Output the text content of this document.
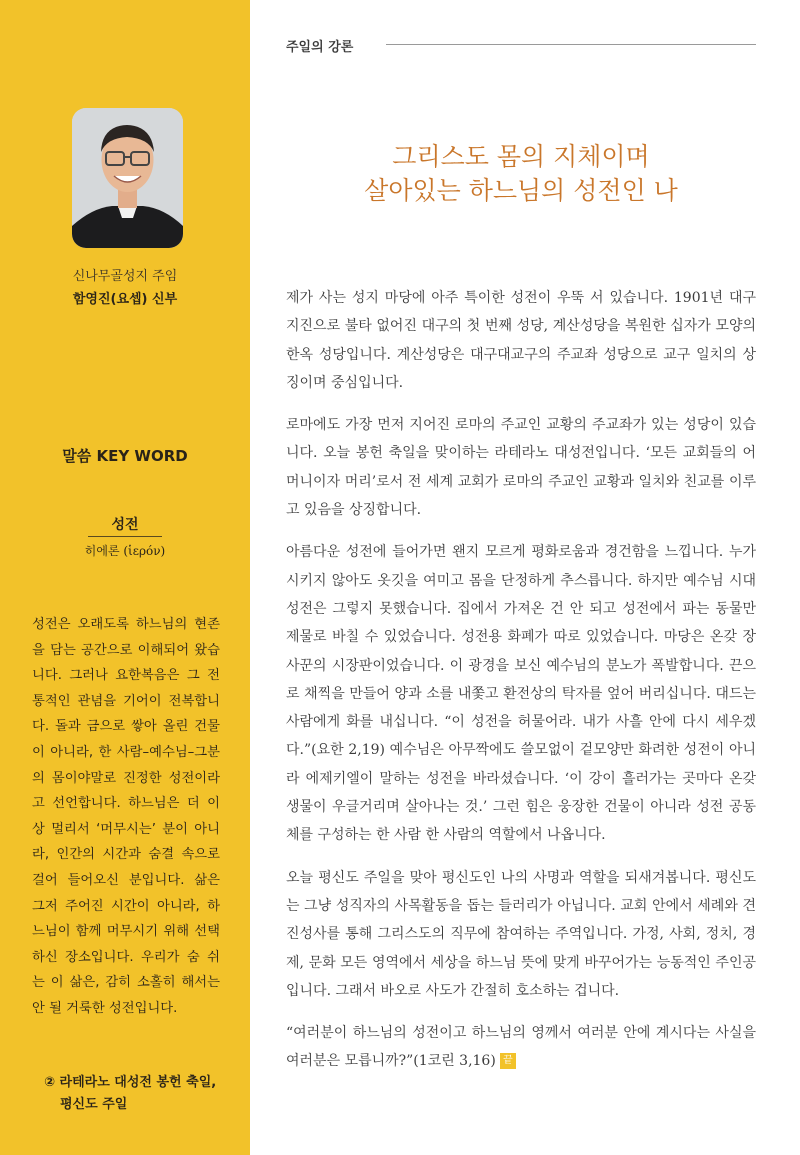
신나무골성지 주임
함영진(요셉) 신부
말씀 KEY WORD
성전
히에론 (ἱερόν)
성전은 오래도록 하느님의 현존을 담는 공간으로 이해되어 왔습니다. 그러나 요한복음은 그 전통적인 관념을 기어이 전복합니다. 돌과 금으로 쌓아 올린 건물이 아니라, 한 사람–예수님–그분의 몸이야말로 진정한 성전이라고 선언합니다. 하느님은 더 이상 멀리서 ‘머무시는’ 분이 아니라, 인간의 시간과 숨결 속으로 걸어 들어오신 분입니다. 삶은 그저 주어진 시간이 아니라, 하느님이 함께 머무시기 위해 선택하신 장소입니다. 우리가 숨 쉬는 이 삶은, 감히 소홀히 해서는 안 될 거룩한 성전입니다.
② 라테라노 대성전 봉헌 축일,
평신도 주일
주일의 강론
그리스도 몸의 지체이며
살아있는 하느님의 성전인 나

제가 사는 성지 마당에 아주 특이한 성전이 우뚝 서 있습니다. 1901년 대구 지진으로 불타 없어진 대구의 첫 번째 성당, 계산성당을 복원한 십자가 모양의 한옥 성당입니다. 계산성당은 대구대교구의 주교좌 성당으로 교구 일치의 상징이며 중심입니다.

로마에도 가장 먼저 지어진 로마의 주교인 교황의 주교좌가 있는 성당이 있습니다. 오늘 봉헌 축일을 맞이하는 라테라노 대성전입니다. ‘모든 교회들의 어머니이자 머리’로서 전 세계 교회가 로마의 주교인 교황과 일치와 친교를 이루고 있음을 상징합니다.

아름다운 성전에 들어가면 왠지 모르게 평화로움과 경건함을 느낍니다. 누가 시키지 않아도 옷깃을 여미고 몸을 단정하게 추스릅니다. 하지만 예수님 시대 성전은 그렇지 못했습니다. 집에서 가져온 건 안 되고 성전에서 파는 동물만 제물로 바칠 수 있었습니다. 성전용 화폐가 따로 있었습니다. 마당은 온갖 장사꾼의 시장판이었습니다. 이 광경을 보신 예수님의 분노가 폭발합니다. 끈으로 채찍을 만들어 양과 소를 내쫓고 환전상의 탁자를 엎어 버리십니다. 대드는 사람에게 화를 내십니다. “이 성전을 허물어라. 내가 사흘 안에 다시 세우겠다.”(요한 2,19) 예수님은 아무짝에도 쓸모없이 겉모양만 화려한 성전이 아니라 에제키엘이 말하는 성전을 바라셨습니다. ‘이 강이 흘러가는 곳마다 온갖 생물이 우글거리며 살아나는 것.’ 그런 힘은 웅장한 건물이 아니라 성전 공동체를 구성하는 한 사람 한 사람의 역할에서 나옵니다.

오늘 평신도 주일을 맞아 평신도인 나의 사명과 역할을 되새겨봅니다. 평신도는 그냥 성직자의 사목활동을 돕는 들러리가 아닙니다. 교회 안에서 세례와 견진성사를 통해 그리스도의 직무에 참여하는 주역입니다. 가정, 사회, 정치, 경제, 문화 모든 영역에서 세상을 하느님 뜻에 맞게 바꾸어가는 능동적인 주인공입니다. 그래서 바오로 사도가 간절히 호소하는 겁니다.

“여러분이 하느님의 성전이고 하느님의 영께서 여러분 안에 계시다는 사실을 여러분은 모릅니까?”(1코린 3,16) 끝
